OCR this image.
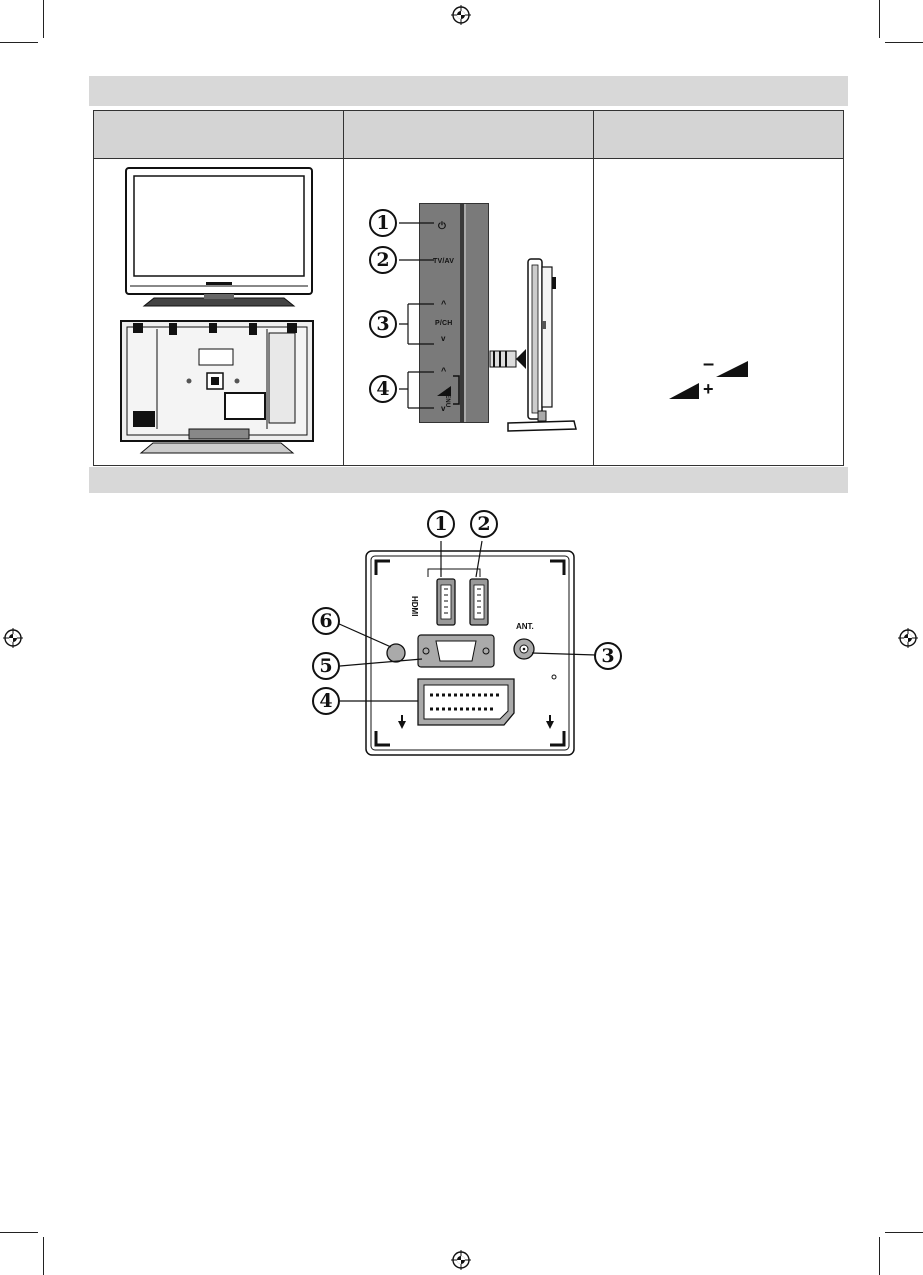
⏻
TV/AV
^
P/CH
v
^
v
MENU
1
2
3
4
–
+
HDMI
ANT.
1	2
3
4
5
6
